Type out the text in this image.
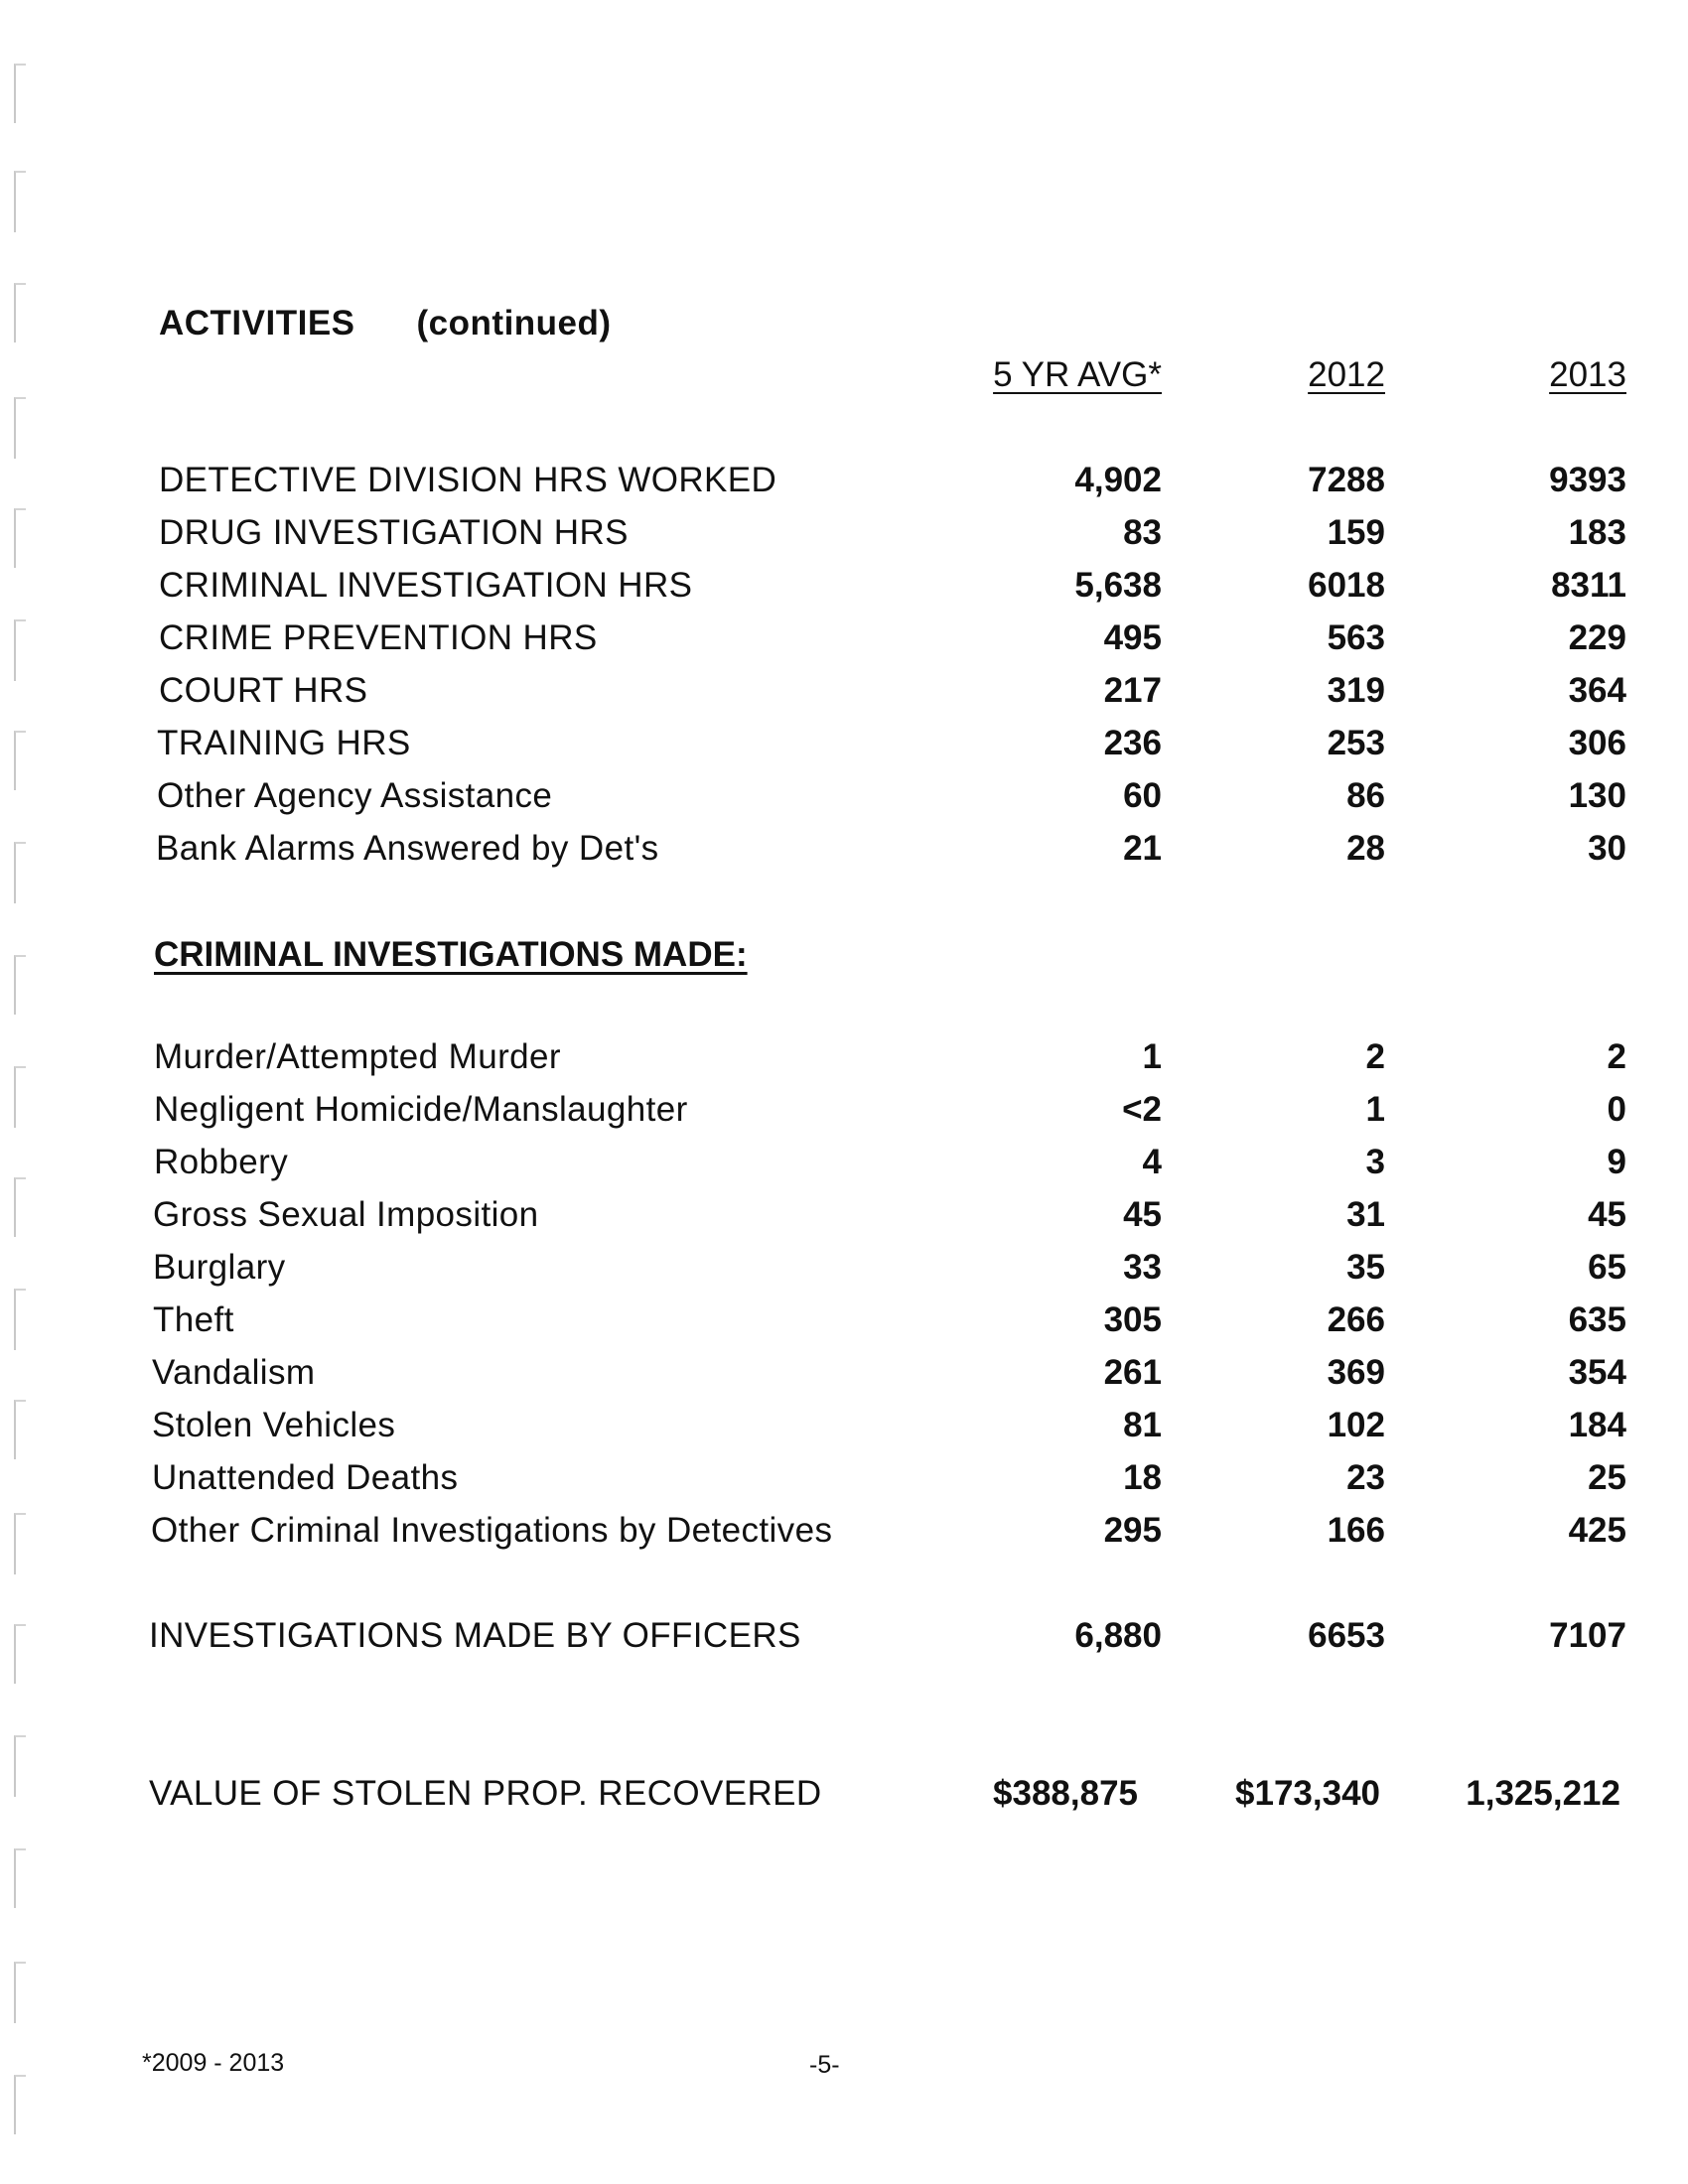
ACTIVITIES (continued)
5 YR AVG*	2012	2013
DETECTIVE DIVISION HRS WORKED	4,902	7288	9393
DRUG INVESTIGATION HRS	83	159	183
CRIMINAL INVESTIGATION HRS	5,638	6018	8311
CRIME PREVENTION HRS	495	563	229
COURT HRS	217	319	364
TRAINING HRS	236	253	306
Other Agency Assistance	60	86	130
Bank Alarms Answered by Det's	21	28	30
CRIMINAL INVESTIGATIONS MADE:
Murder/Attempted Murder	1	2	2
Negligent Homicide/Manslaughter	<2	1	0
Robbery	4	3	9
Gross Sexual Imposition	45	31	45
Burglary	33	35	65
Theft	305	266	635
Vandalism	261	369	354
Stolen Vehicles	81	102	184
Unattended Deaths	18	23	25
Other Criminal Investigations by Detectives	295	166	425
INVESTIGATIONS MADE BY OFFICERS	6,880	6653	7107
VALUE OF STOLEN PROP. RECOVERED	$388,875	$173,340	1,325,212
*2009 - 2013	-5-
